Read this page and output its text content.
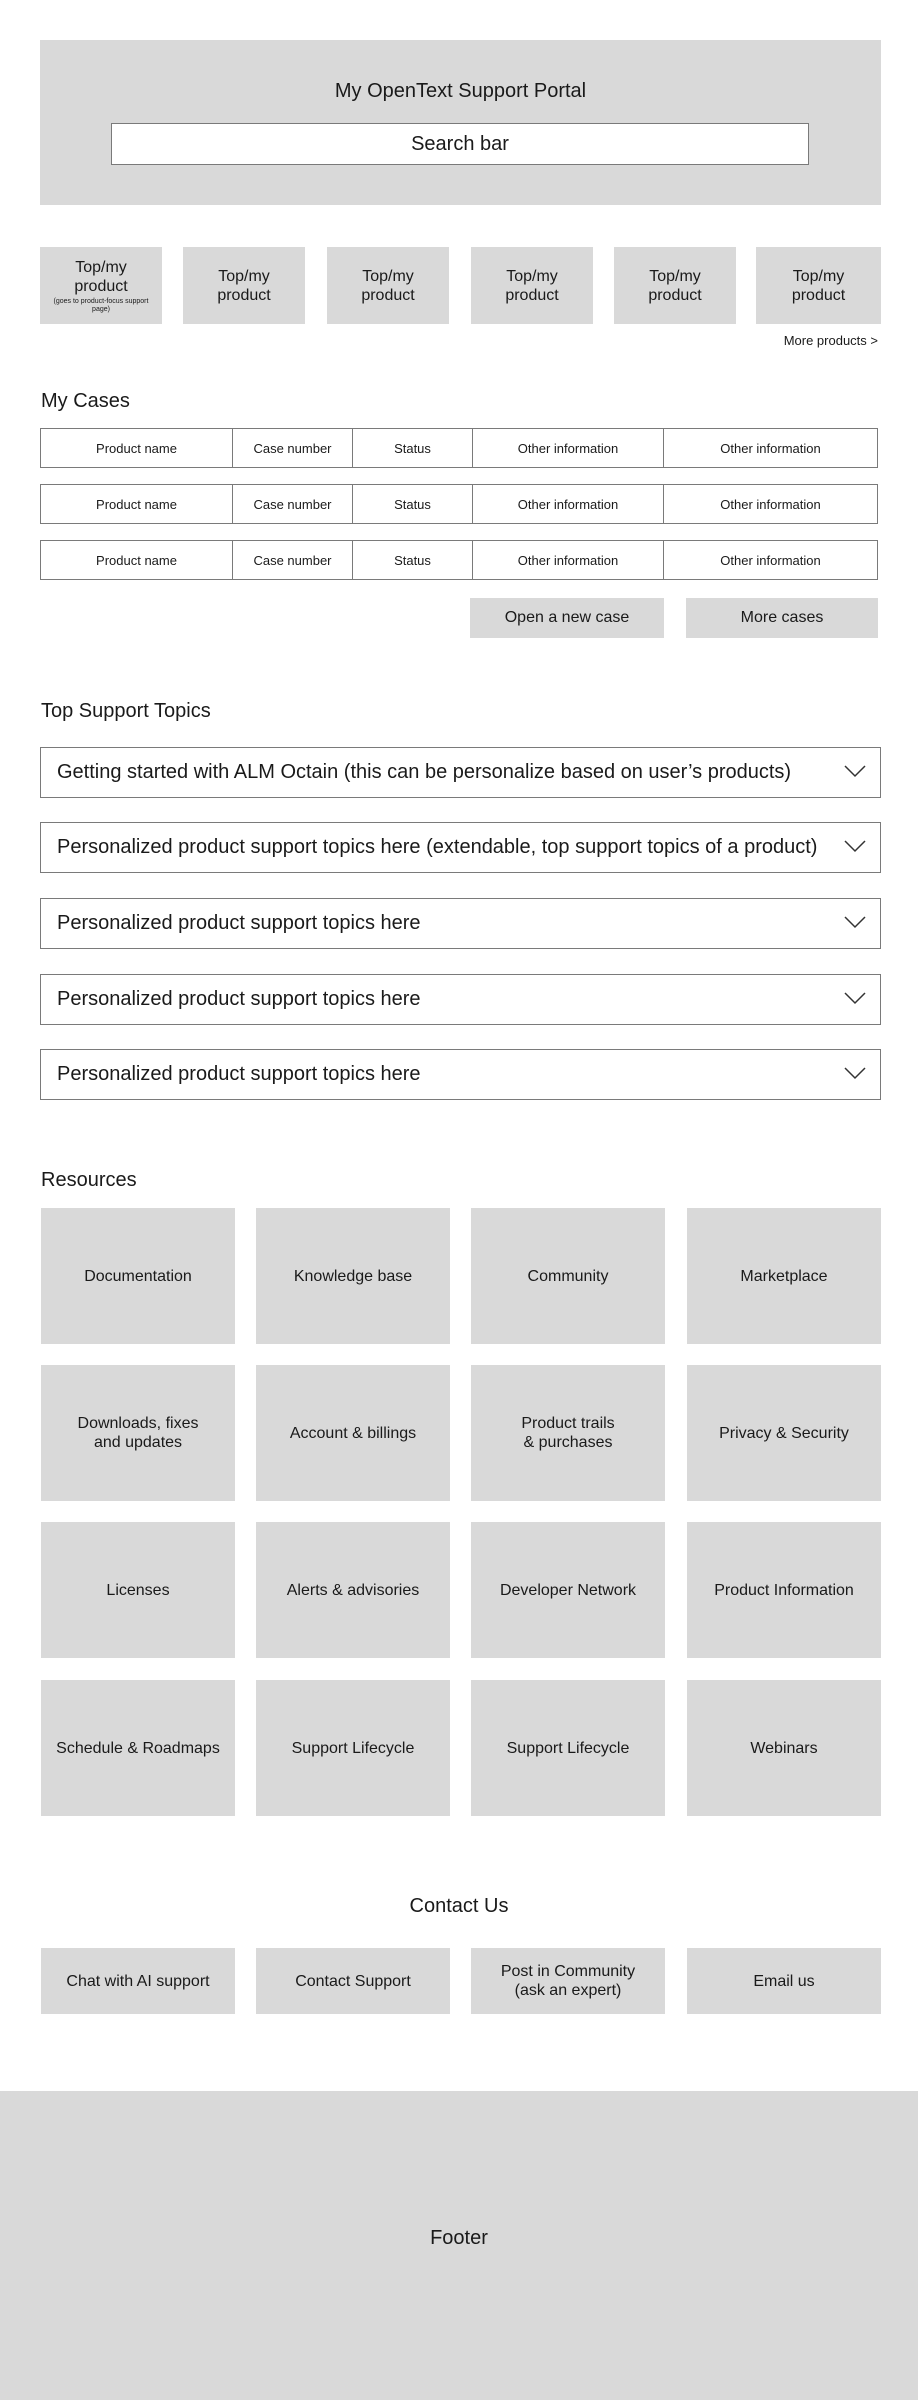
My OpenText Support Portal
Search bar
Top/my
product
(goes to product-focus support page)
Top/my
product
Top/my
product
Top/my
product
Top/my
product
Top/my
product
More products >
My Cases
Product name	Case number	Status	Other information	Other information
Product name	Case number	Status	Other information	Other information
Product name	Case number	Status	Other information	Other information
Open a new case	More cases
Top Support Topics
Getting started with ALM Octain (this can be personalize based on user’s products)
Personalized product support topics here (extendable, top support topics of a product)
Personalized product support topics here
Personalized product support topics here
Personalized product support topics here
Resources
Documentation	Knowledge base	Community	Marketplace
Downloads, fixes
and updates
Account & billings
Product trails
& purchases
Privacy & Security
Licenses	Alerts & advisories	Developer Network	Product Information
Schedule & Roadmaps	Support Lifecycle	Support Lifecycle	Webinars
Contact Us
Chat with AI support	Contact Support
Post in Community
(ask an expert)
Email us
Footer
